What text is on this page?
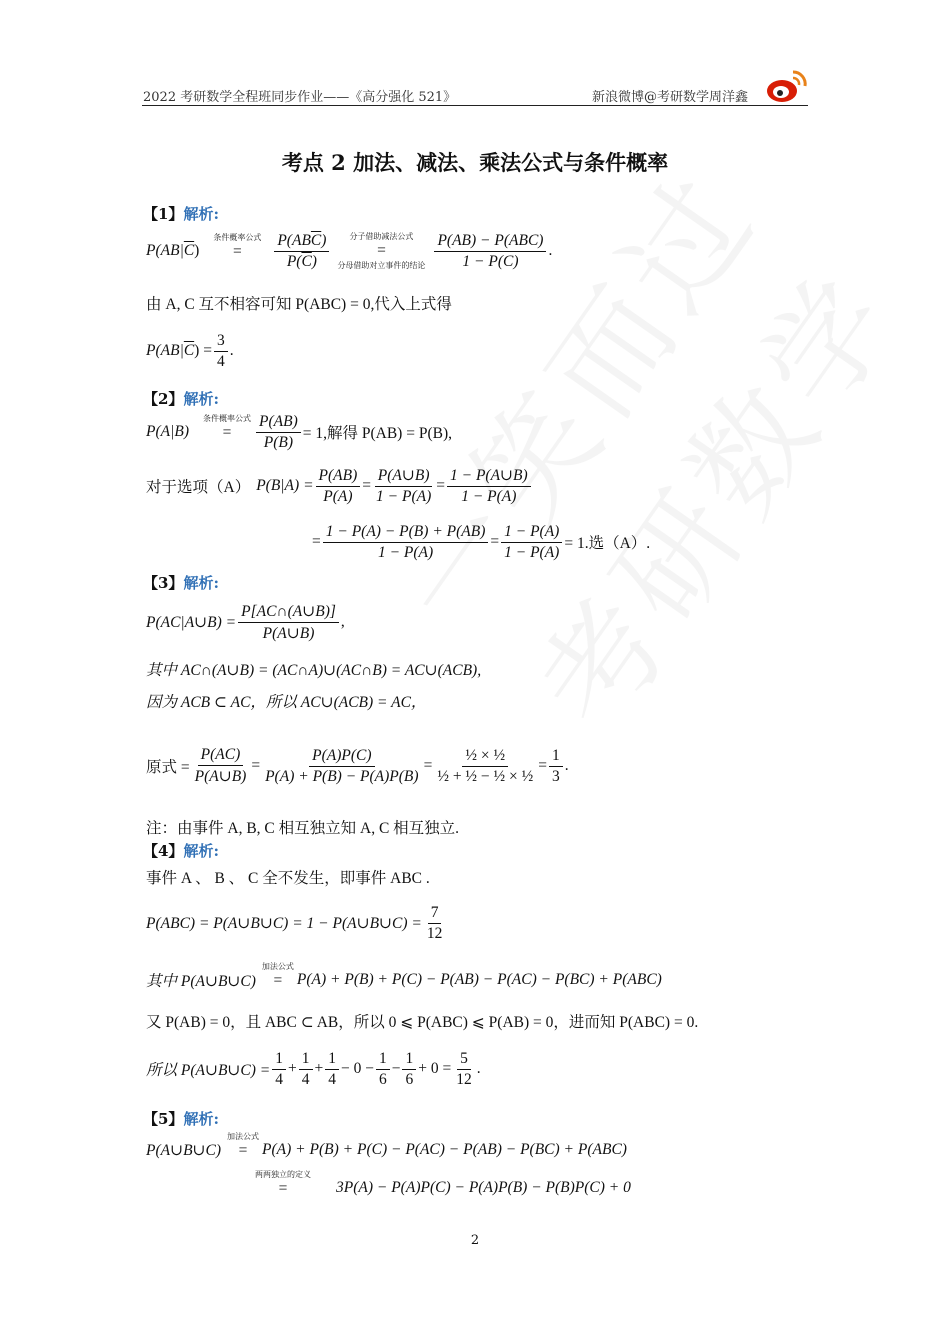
2022 考研数学全程班同步作业——《高分强化 521》	新浪微博@考研数学周洋鑫
考点 2 加法、减法、乘法公式与条件概率
【1】解析:
P(AB| $\overline{C}$ )
条件概率公式
=
$\frac{P(AB\overline{C})}{P(\overline{C})}$	分子借助减法公式
=
分母借助对立事件的结论 $\frac{\text{P(AB) − P(ABC)}}{1 - P(C)}$ .
由 A, C 互不相容可知 P(ABC) = 0,代入上式得
P(AB| $\overline{C}$ ) = $\frac{3}{4}$ .
【2】解析:
P(A|B)
条件概率公式
=
$\frac{P(AB)}{P(B)} = 1$,解得 P(AB) = P(B),
对于选项（A） $P(B|A) = \frac{P(AB)}{P(A)} = \frac{P(A\cup B)}{1 - P(A)} = \frac{1 - P(A\cup B)}{1 - P(A)}$
= $\frac{1 - P(A) - P(B) + P(AB)}{1 - P(A)} = \frac{1 - P(A)}{1 - P(A)} = 1$.选（A）.
【3】解析:
P(AC|A∪B) = $\frac{P[AC\cap(A\cup B)]}{P(A\cup B)}$ ,
其中 AC∩(A∪B) = (AC∩A)∪(AC∩B) = AC∪(ACB),
因为 ACB ⊂ AC，所以 AC∪(ACB) = AC，
原式 = $\frac{P(AC)}{P(A\cup B)} = \frac{P(A)P(C)}{P(A) + P(B) - P(A)P(B)} = \frac{\text{½ × ½}}{\text{½ + ½ − ½ × ½}} = \frac{1}{3}$ .
注：由事件 A, B, C 相互独立知 A, C 相互独立.
【4】解析:
事件 A 、 B 、 C 全不发生，即事件 ABC .
P(ABC) = P(A∪B∪C) = 1 − P(A∪B∪C) = $\frac{7}{12}$
其中 P(A∪B∪C)
加法公式
=
P(A) + P(B) + P(C) − P(AB) − P(AC) − P(BC) + P(ABC)
又 P(AB) = 0，且 ABC ⊂ AB，所以 0 ⩽ P(ABC) ⩽ P(AB) = 0，进而知 P(ABC) = 0.
所以 P(A∪B∪C) = $\frac{1}{4} + \frac{1}{4} + \frac{1}{4} - 0 - \frac{1}{6} - \frac{1}{6} + 0 = \frac{5}{12}$ .
【5】解析:
P(A∪B∪C)
加法公式
=
P(A) + P(B) + P(C) − P(AC) − P(AB) − P(BC) + P(ABC)
两两独立的定义
=
	3P(A) − P(A)P(C) − P(A)P(B) − P(B)P(C) + 0
2
